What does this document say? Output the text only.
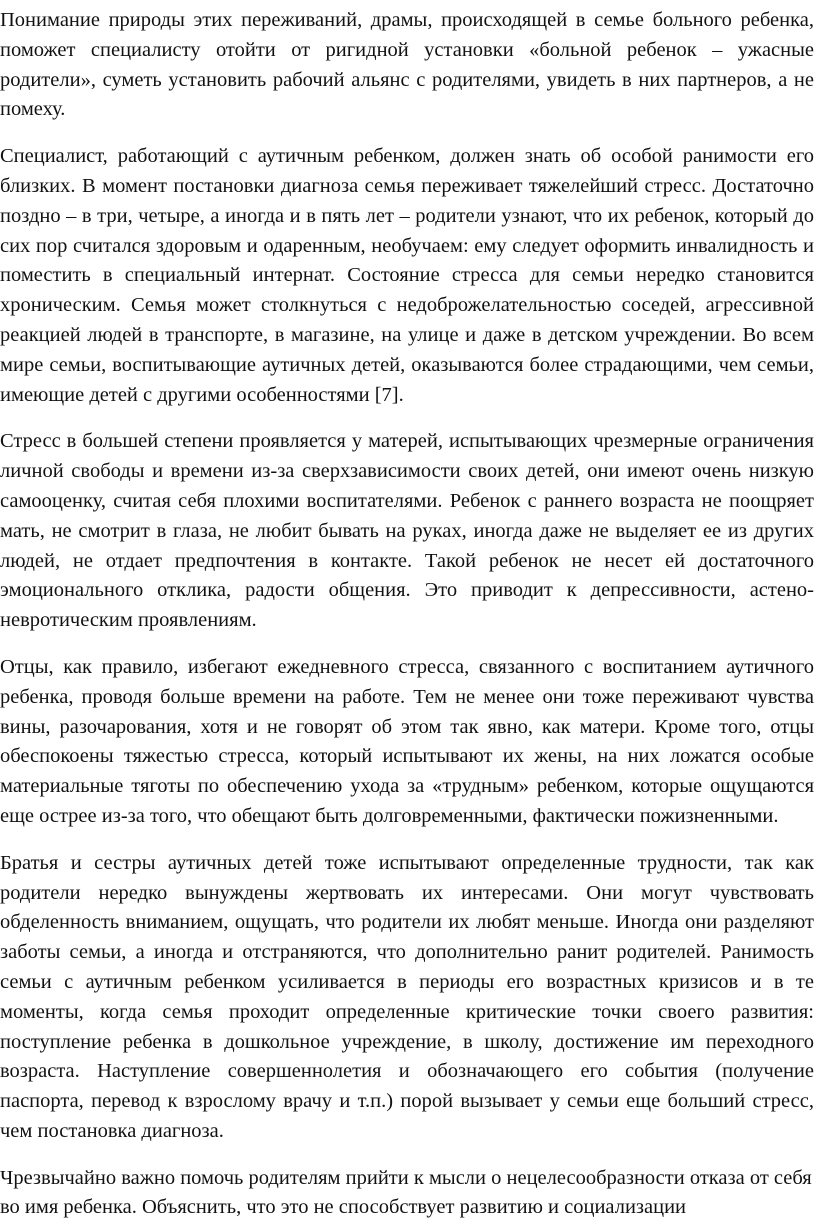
Понимание природы этих переживаний, драмы, происходящей в семье больного ребенка, поможет специалисту отойти от ригидной установки «больной ребенок – ужасные родители», суметь установить рабочий альянс с родителями, увидеть в них партнеров, а не помеху.

Специалист, работающий с аутичным ребенком, должен знать об особой ранимости его близких. В момент постановки диагноза семья переживает тяжелейший стресс. Достаточно поздно – в три, четыре, а иногда и в пять лет – родители узнают, что их ребенок, который до сих пор считался здоровым и одаренным, необучаем: ему следует оформить инвалидность и поместить в специальный интернат. Состояние стресса для семьи нередко становится хроническим. Семья может столкнуться с недоброжелательностью соседей, агрессивной реакцией людей в транспорте, в магазине, на улице и даже в детском учреждении. Во всем мире семьи, воспитывающие аутичных детей, оказываются более страдающими, чем семьи, имеющие детей с другими особенностями [7].

Стресс в большей степени проявляется у матерей, испытывающих чрезмерные ограничения личной свободы и времени из-за сверхзависимости своих детей, они имеют очень низкую самооценку, считая себя плохими воспитателями. Ребенок с раннего возраста не поощряет мать, не смотрит в глаза, не любит бывать на руках, иногда даже не выделяет ее из других людей, не отдает предпочтения в контакте. Такой ребенок не несет ей достаточного эмоционального отклика, радости общения. Это приводит к депрессивности, астено-невротическим проявлениям.

Отцы, как правило, избегают ежедневного стресса, связанного с воспитанием аутичного ребенка, проводя больше времени на работе. Тем не менее они тоже переживают чувства вины, разочарования, хотя и не говорят об этом так явно, как матери. Кроме того, отцы обеспокоены тяжестью стресса, который испытывают их жены, на них ложатся особые материальные тяготы по обеспечению ухода за «трудным» ребенком, которые ощущаются еще острее из-за того, что обещают быть долговременными, фактически пожизненными.

Братья и сестры аутичных детей тоже испытывают определенные трудности, так как родители нередко вынуждены жертвовать их интересами. Они могут чувствовать обделенность вниманием, ощущать, что родители их любят меньше. Иногда они разделяют заботы семьи, а иногда и отстраняются, что дополнительно ранит родителей. Ранимость семьи с аутичным ребенком усиливается в периоды его возрастных кризисов и в те моменты, когда семья проходит определенные критические точки своего развития: поступление ребенка в дошкольное учреждение, в школу, достижение им переходного возраста. Наступление совершеннолетия и обозначающего его события (получение паспорта, перевод к взрослому врачу и т.п.) порой вызывает у семьи еще больший стресс, чем постановка диагноза.

Чрезвычайно важно помочь родителям прийти к мысли о нецелесообразности отказа от себя во имя ребенка. Объяснить, что это не способствует развитию и социализации
